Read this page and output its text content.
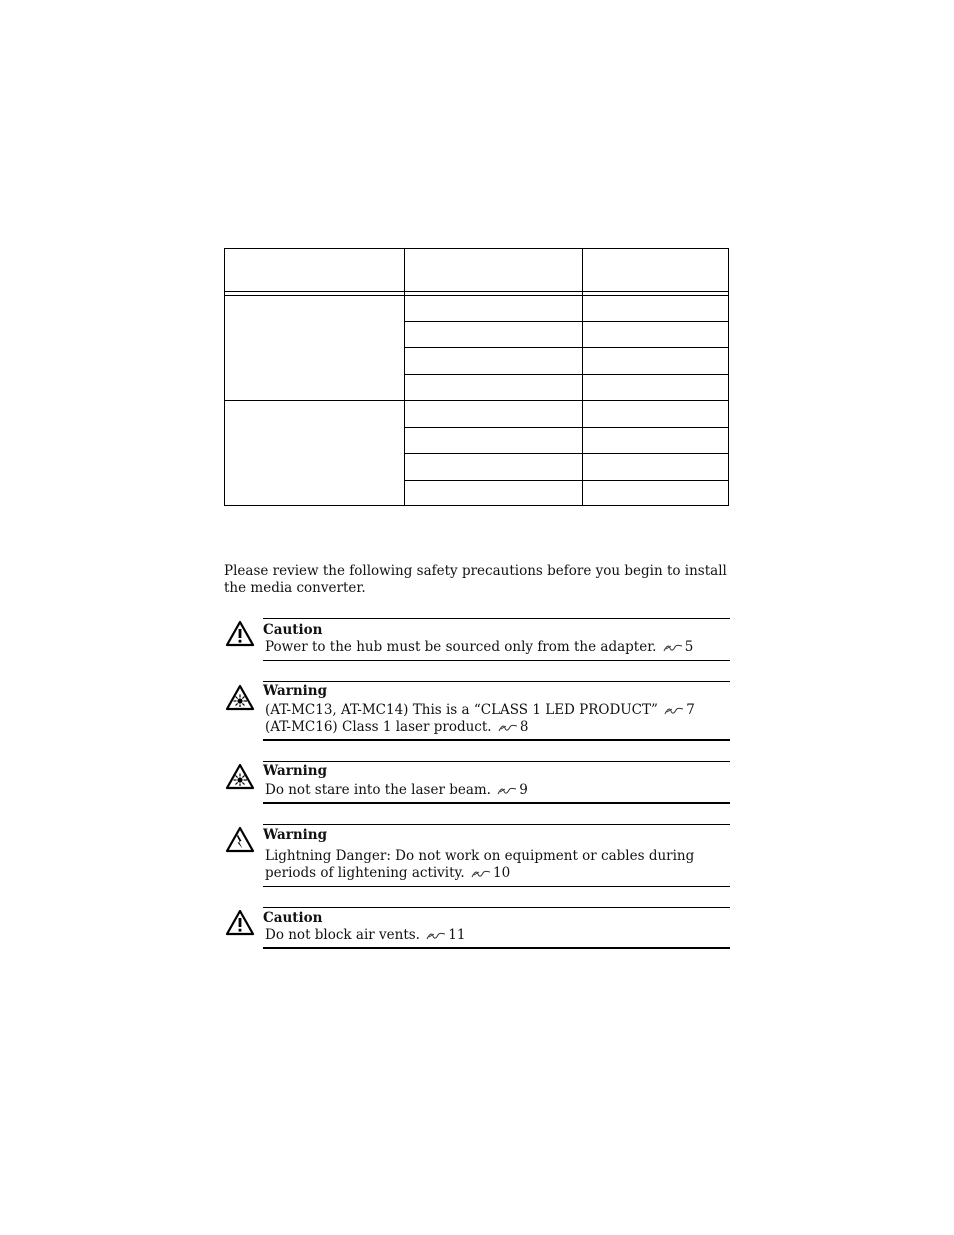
Please review the following safety precautions before you begin to install the media converter.

Caution
Power to the hub must be sourced only from the adapter. 5
Warning
(AT-MC13, AT-MC14) This is a “CLASS 1 LED PRODUCT” 7
(AT-MC16) Class 1 laser product. 8
Warning
Do not stare into the laser beam. 9
Warning
Lightning Danger: Do not work on equipment or cables during periods of lightening activity. 10
Caution
Do not block air vents. 11
